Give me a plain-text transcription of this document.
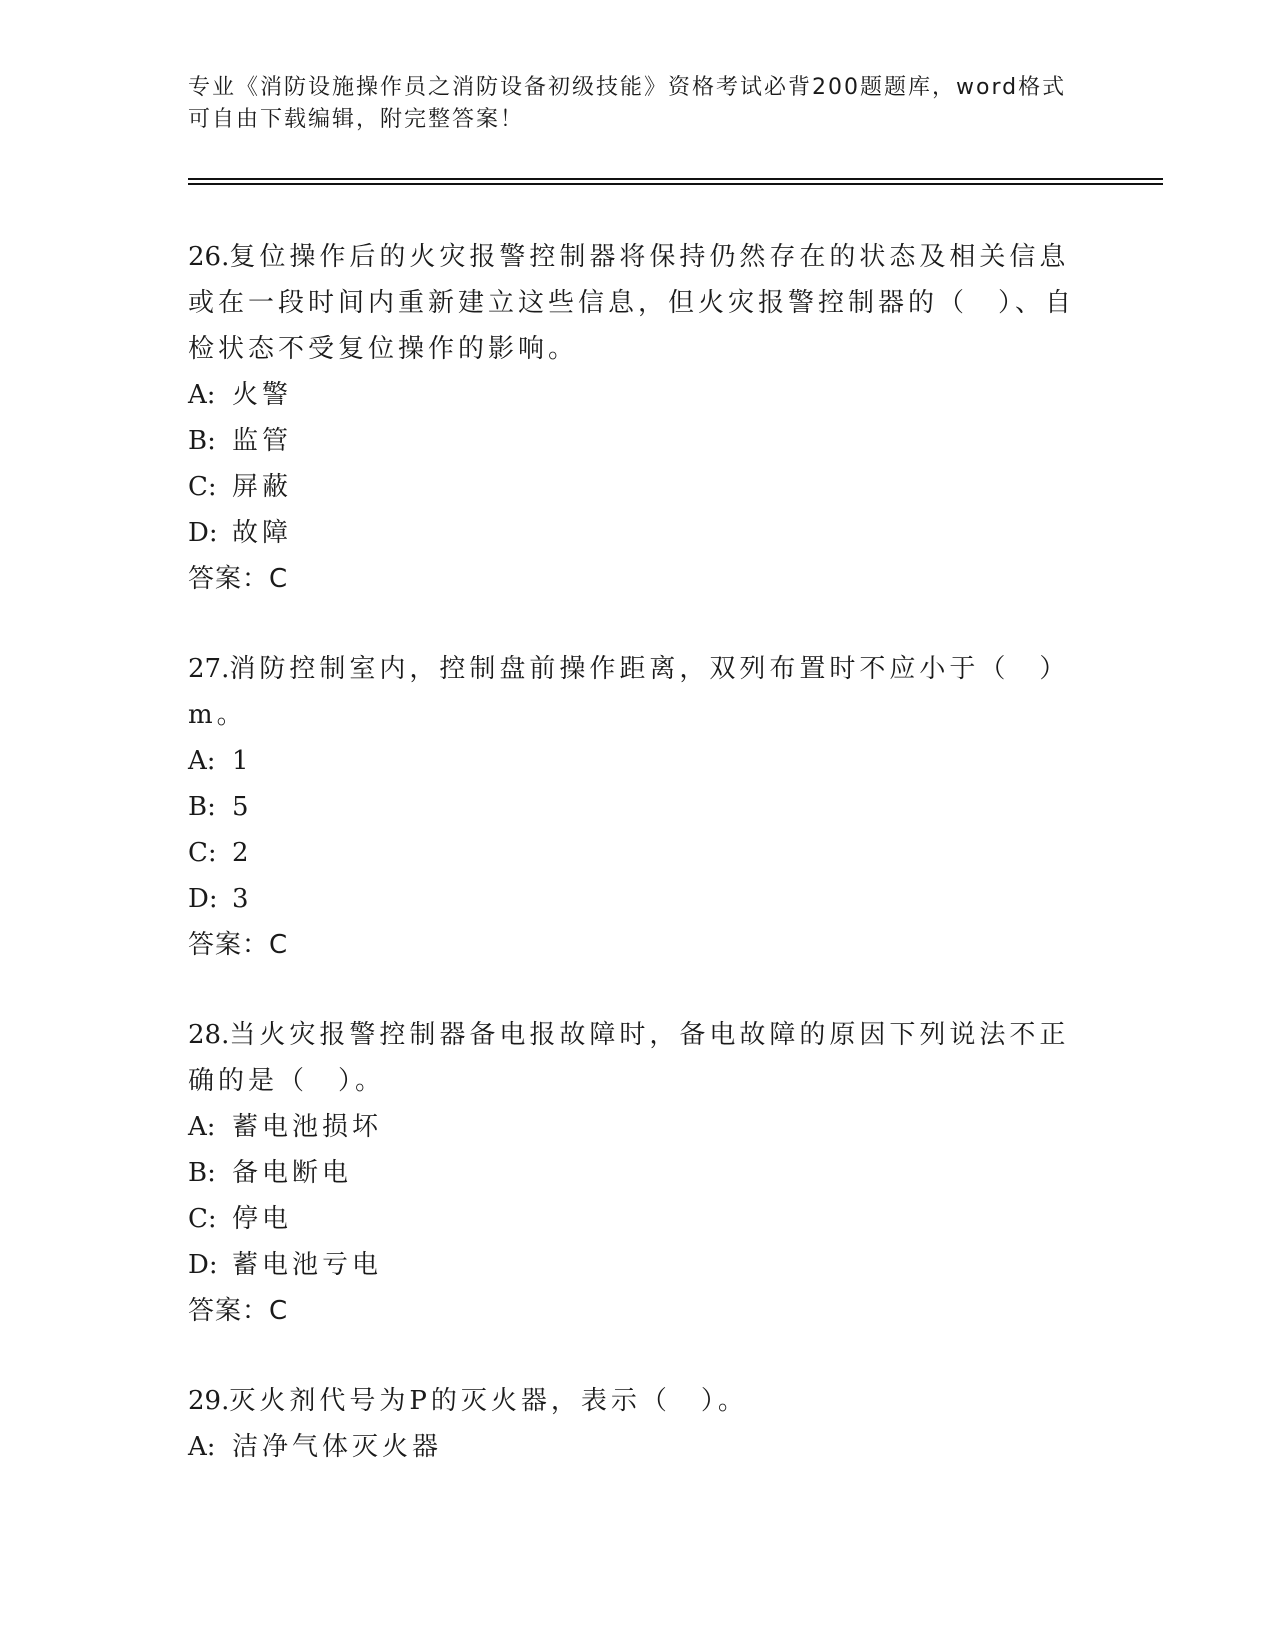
专业《消防设施操作员之消防设备初级技能》资格考试必背200题题库，word格式可自由下载编辑，附完整答案！

26.复位操作后的火灾报警控制器将保持仍然存在的状态及相关信息或在一段时间内重新建立这些信息，但火灾报警控制器的（　）、自检状态不受复位操作的影响。

A: 火警

B: 监管

C: 屏蔽

D: 故障

答案：C

27.消防控制室内，控制盘前操作距离，双列布置时不应小于（　）m。

A: 1

B: 5

C: 2

D: 3

答案：C

28.当火灾报警控制器备电报故障时，备电故障的原因下列说法不正确的是（　）。

A: 蓄电池损坏

B: 备电断电

C: 停电

D: 蓄电池亏电

答案：C

29.灭火剂代号为P的灭火器，表示（　）。

A: 洁净气体灭火器
